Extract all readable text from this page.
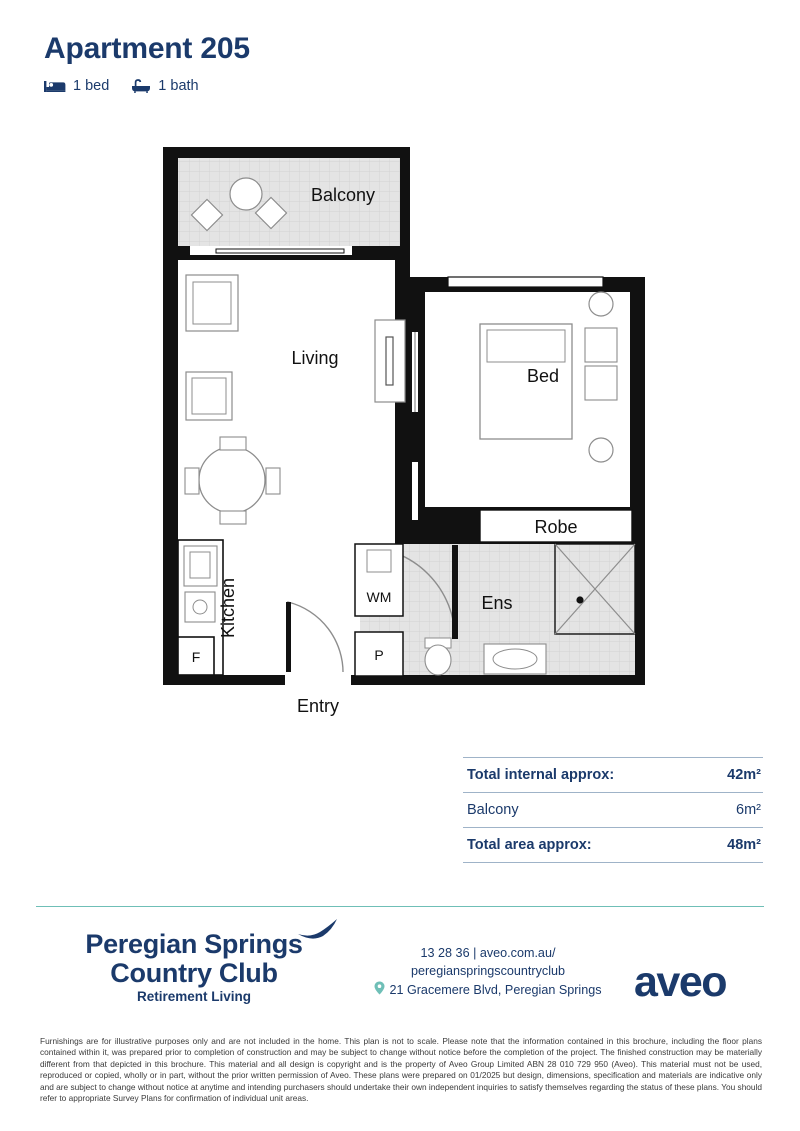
Apartment 205
1 bed	1 bath
Balcony
Living
F
Kitchen
Entry
Bed
Robe
Ens
WM
P
Total internal approx:	42m²
Balcony	6m²
Total area approx:	48m²
Peregian Springs
Country Club
Retirement Living
13 28 36 | aveo.com.au/
peregianspringscountryclub
21 Gracemere Blvd, Peregian Springs aveo
Furnishings are for illustrative purposes only and are not included in the home. This plan is not to scale. Please note that the information contained in this brochure, including the floor plans contained within it, was prepared prior to completion of construction and may be subject to change without notice before the completion of the project. The finished construction may be materially different from that depicted in this brochure. This material and all design is copyright and is the property of Aveo Group Limited ABN 28 010 729 950 (Aveo). This material must not be used, reproduced or copied, wholly or in part, without the prior written permission of Aveo. These plans were prepared on 01/2025 but design, dimensions, specification and materials are indicative only and are subject to change without notice at anytime and intending purchasers should undertake their own independent inquiries to satisfy themselves regarding the status of these plans. You should refer to appropriate Survey Plans for confirmation of individual unit areas.
